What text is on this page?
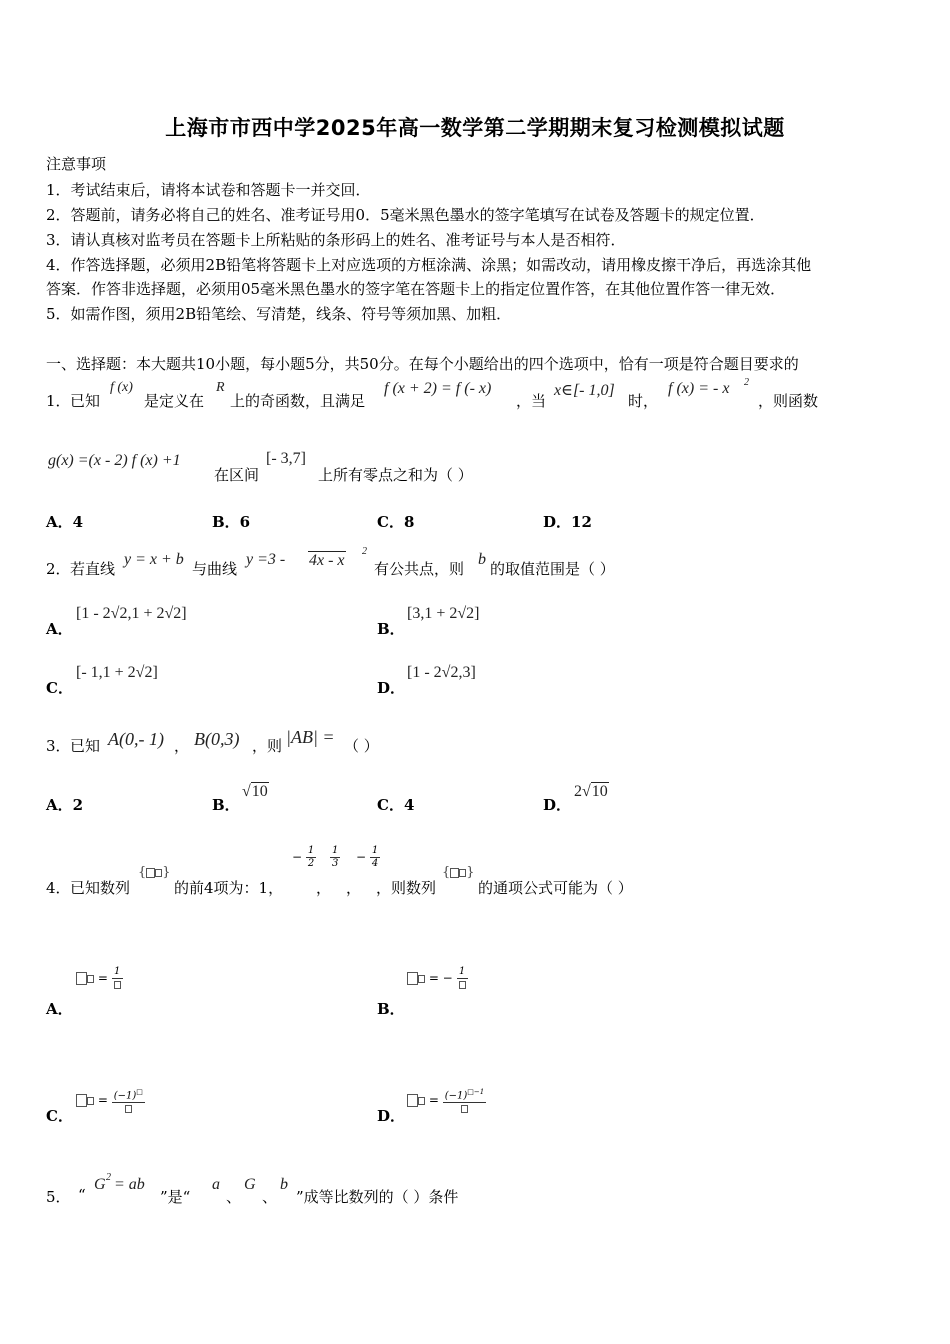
上海市市西中学2025年高一数学第二学期期末复习检测模拟试题
注意事项
1．考试结束后，请将本试卷和答题卡一并交回．
2．答题前，请务必将自己的姓名、准考证号用0．5毫米黑色墨水的签字笔填写在试卷及答题卡的规定位置．
3．请认真核对监考员在答题卡上所粘贴的条形码上的姓名、准考证号与本人是否相符．
4．作答选择题，必须用2B铅笔将答题卡上对应选项的方框涂满、涂黑；如需改动，请用橡皮擦干净后，再选涂其他
答案．作答非选择题，必须用05毫米黑色墨水的签字笔在答题卡上的指定位置作答，在其他位置作答一律无效．
5．如需作图，须用2B铅笔绘、写清楚，线条、符号等须加黑、加粗．
一、选择题：本大题共10小题，每小题5分，共50分。在每个小题给出的四个选项中，恰有一项是符合题目要求的
1． 已知
f (x)
是定义在
R
上的奇函数，且满足
f (x + 2) = f (- x)
，当
x∈[- 1,0]
时，
f (x) = - x 2
，则函数
g(x) =(x - 2) f (x) +1
在区间
[- 3,7]
上所有零点之和为（ ）
A．4	B．6	C．8	D．12
2． 若直线
y = x + b
与曲线
y =3 - 4x - x
2
有公共点，则
b
的取值范围是（ ）
A．
[1 - 2√2,1 + 2√2]
B．
[3,1 + 2√2]
C．
[- 1,1 + 2√2]
D．
[1 - 2√2,3]
3． 已知 A(0,- 1) ， B(0,3) ，则 |AB| = （ ）
A．2	B．
√10
C．4	D．
2√10
4． 已知数列
{ }
的前4项为：1，
− $\frac{1}{2}$
，
$\frac{1}{3}$
，
− $\frac{1}{4}$
，则数列
{ }
的通项公式可能为（ ）
A．
= 1
B．
= − 1
C．
= (−1)□
D．
= $(-1)^{□-1}$
5． “
G 2 = ab
”是“
a
、
G
、
b
”成等比数列的（ ）条件
